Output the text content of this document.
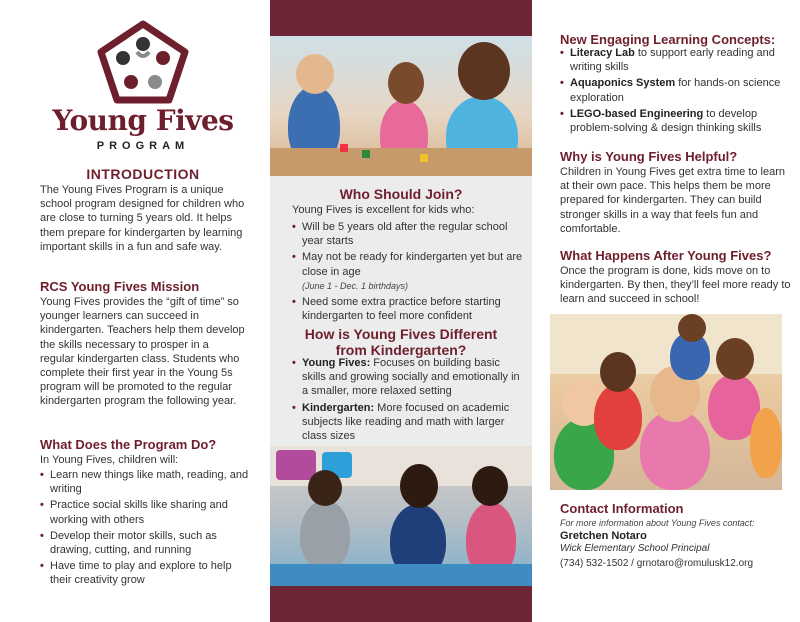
Young Fives
PROGRAM
INTRODUCTION
The Young Fives Program is a unique school program designed for children who are close to turning 5 years old. It helps them prepare for kindergarten by learning important skills in a fun and safe way.
RCS Young Fives Mission
Young Fives provides the “gift of time” so younger learners can succeed in kindergarten. Teachers help them develop the skills necessary to prosper in a regular kindergarten class. Students who complete their first year in the Young 5s program will be promoted to the regular kindergarten program the following year.
What Does the Program Do?
In Young Fives, children will:
• Learn new things like math, reading, and writing
• Practice social skills like sharing and working with others
• Develop their motor skills, such as drawing, cutting, and running
• Have time to play and explore to help their creativity grow
Who Should Join?
Young Fives is excellent for kids who:
• Will be 5 years old after the regular school year starts
• May not be ready for kindergarten yet but are close in age
(June 1 - Dec. 1 birthdays)
• Need some extra practice before starting kindergarten to feel more confident
How is Young Fives Different
from Kindergarten?
• Young Fives: Focuses on building basic skills and growing socially and emotionally in a smaller, more relaxed setting
• Kindergarten: More focused on academic subjects like reading and math with larger class sizes
New Engaging Learning Concepts:
• Literacy Lab to support early reading and writing skills
• Aquaponics System for hands-on science exploration
• LEGO-based Engineering to develop problem-solving & design thinking skills
Why is Young Fives Helpful?
Children in Young Fives get extra time to learn at their own pace. This helps them be more prepared for kindergarten. They can build stronger skills in a way that feels fun and comfortable.
What Happens After Young Fives?
Once the program is done, kids move on to kindergarten. By then, they’ll feel more ready to learn and succeed in school!
Contact Information
For more information about Young Fives contact:
Gretchen Notaro
Wick Elementary School Principal
(734) 532-1502 / grnotaro@romulusk12.org
